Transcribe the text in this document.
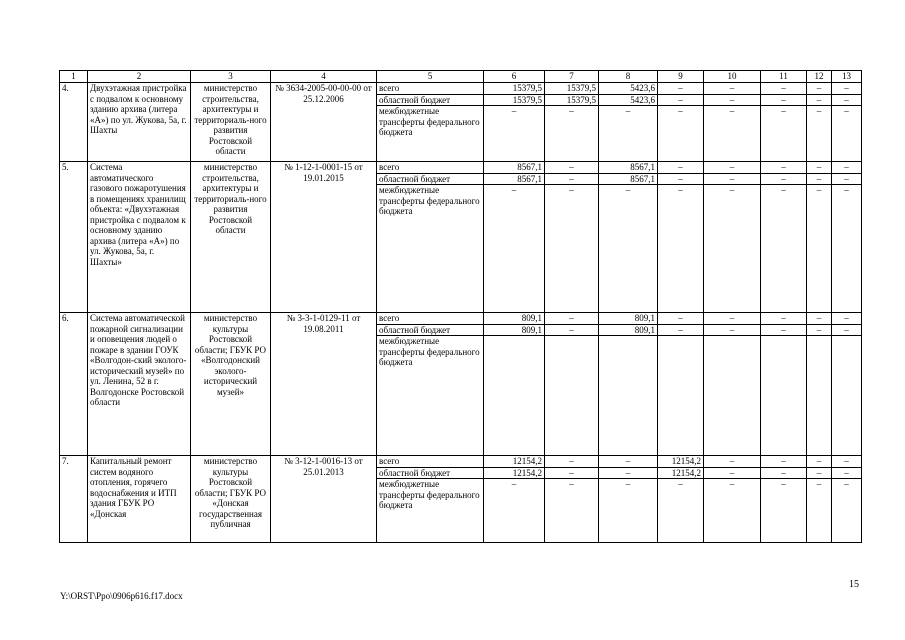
1	2	3	4	5	6	7	8	9	10	11	12	13
4.	Двухэтажная пристройка с подвалом к основному зданию архива (литера «А») по ул. Жукова, 5а, г. Шахты	министерство строительства, архитектуры и территориаль-ного развития Ростовской области	№ 3634-2005-00-00-00 от 25.12.2006	всего	15379,5	15379,5	5423,6	–	–	–	–	–
				областной бюджет	15379,5	15379,5	5423,6	–	–	–	–	–
				межбюджетные трансферты федерального бюджета	–	–	–	–	–	–	–	–
5.	Система автоматического газового пожаротушения в помещениях хранилищ объекта: «Двухэтажная пристройка с подвалом к основному зданию архива (литера «А») по ул. Жукова, 5а, г. Шахты»	министерство строительства, архитектуры и территориаль-ного развития Ростовской области	№ 1-12-1-0001-15 от 19.01.2015	всего	8567,1	–	8567,1	–	–	–	–	–
				областной бюджет	8567,1	–	8567,1	–	–	–	–	–
				межбюджетные трансферты федерального бюджета	–	–	–	–	–	–	–	–
6.	Система автоматической пожарной сигнализации и оповещения людей о пожаре в здании ГОУК «Волгодон-ский эколого-исторический музей» по ул. Ленина, 52 в г. Волгодонске Ростовской области	министерство культуры Ростовской области; ГБУК РО «Волгодонский эколого-исторический музей»	№ 3-3-1-0129-11 от 19.08.2011	всего	809,1	–	809,1	–	–	–	–	–
				областной бюджет	809,1	–	809,1	–	–	–	–	–
				межбюджетные трансферты федерального бюджета								
7.	Капитальный ремонт систем водяного отопления, горячего водоснабжения и ИТП здания ГБУК РО «Донская	министерство культуры Ростовской области; ГБУК РО «Донская государственная публичная	№ 3-12-1-0016-13 от 25.01.2013	всего	12154,2	–	–	12154,2	–	–	–	–
				областной бюджет	12154,2	–	–	12154,2	–	–	–	–
				межбюджетные трансферты федерального бюджета	–	–	–	–	–	–	–	–
15
Y:\ORST\Ppo\0906p616.f17.docx
